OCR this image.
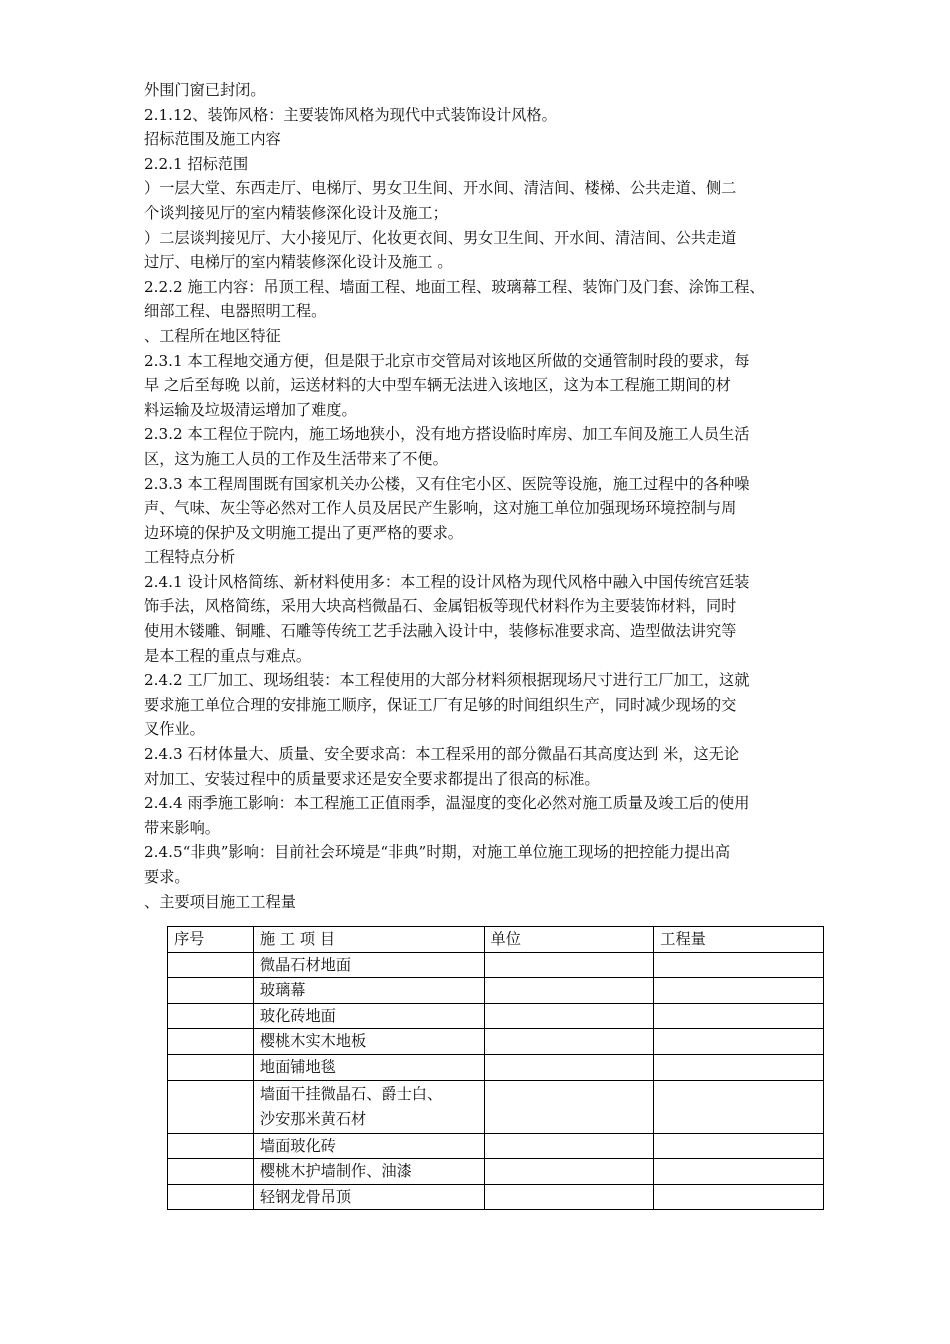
外围门窗已封闭。

2.1.12、装饰风格：主要装饰风格为现代中式装饰设计风格。

招标范围及施工内容

2.2.1 招标范围

）一层大堂、东西走厅、电梯厅、男女卫生间、开水间、清洁间、楼梯、公共走道、侧二

个谈判接见厅的室内精装修深化设计及施工；

）二层谈判接见厅、大小接见厅、化妆更衣间、男女卫生间、开水间、清洁间、公共走道

过厅、电梯厅的室内精装修深化设计及施工 。

2.2.2 施工内容：吊顶工程、墙面工程、地面工程、玻璃幕工程、装饰门及门套、涂饰工程、

细部工程、电器照明工程。

、工程所在地区特征

2.3.1 本工程地交通方便，但是限于北京市交管局对该地区所做的交通管制时段的要求，每

早 之后至每晚 以前，运送材料的大中型车辆无法进入该地区，这为本工程施工期间的材

料运输及垃圾清运增加了难度。

2.3.2 本工程位于院内，施工场地狭小，没有地方搭设临时库房、加工车间及施工人员生活

区，这为施工人员的工作及生活带来了不便。

2.3.3 本工程周围既有国家机关办公楼，又有住宅小区、医院等设施，施工过程中的各种噪

声、气味、灰尘等必然对工作人员及居民产生影响，这对施工单位加强现场环境控制与周

边环境的保护及文明施工提出了更严格的要求。

工程特点分析

2.4.1 设计风格简练、新材料使用多：本工程的设计风格为现代风格中融入中国传统宫廷装

饰手法，风格简练，采用大块高档微晶石、金属铝板等现代材料作为主要装饰材料，同时

使用木镂雕、铜雕、石雕等传统工艺手法融入设计中，装修标准要求高、造型做法讲究等

是本工程的重点与难点。

2.4.2 工厂加工、现场组装：本工程使用的大部分材料须根据现场尺寸进行工厂加工，这就

要求施工单位合理的安排施工顺序，保证工厂有足够的时间组织生产，同时减少现场的交

叉作业。

2.4.3 石材体量大、质量、安全要求高：本工程采用的部分微晶石其高度达到 米，这无论

对加工、安装过程中的质量要求还是安全要求都提出了很高的标准。

2.4.4 雨季施工影响：本工程施工正值雨季，温湿度的变化必然对施工质量及竣工后的使用

带来影响。

2.4.5“非典”影响：目前社会环境是“非典”时期，对施工单位施工现场的把控能力提出高

要求。

、主要项目施工工程量

序号	施 工 项 目	单位	工程量
	微晶石材地面		
	玻璃幕		
	玻化砖地面		
	樱桃木实木地板		
	地面铺地毯		
	墙面干挂微晶石、爵士白、
沙安那米黄石材		
	墙面玻化砖		
	樱桃木护墙制作、油漆		
	轻钢龙骨吊顶		
